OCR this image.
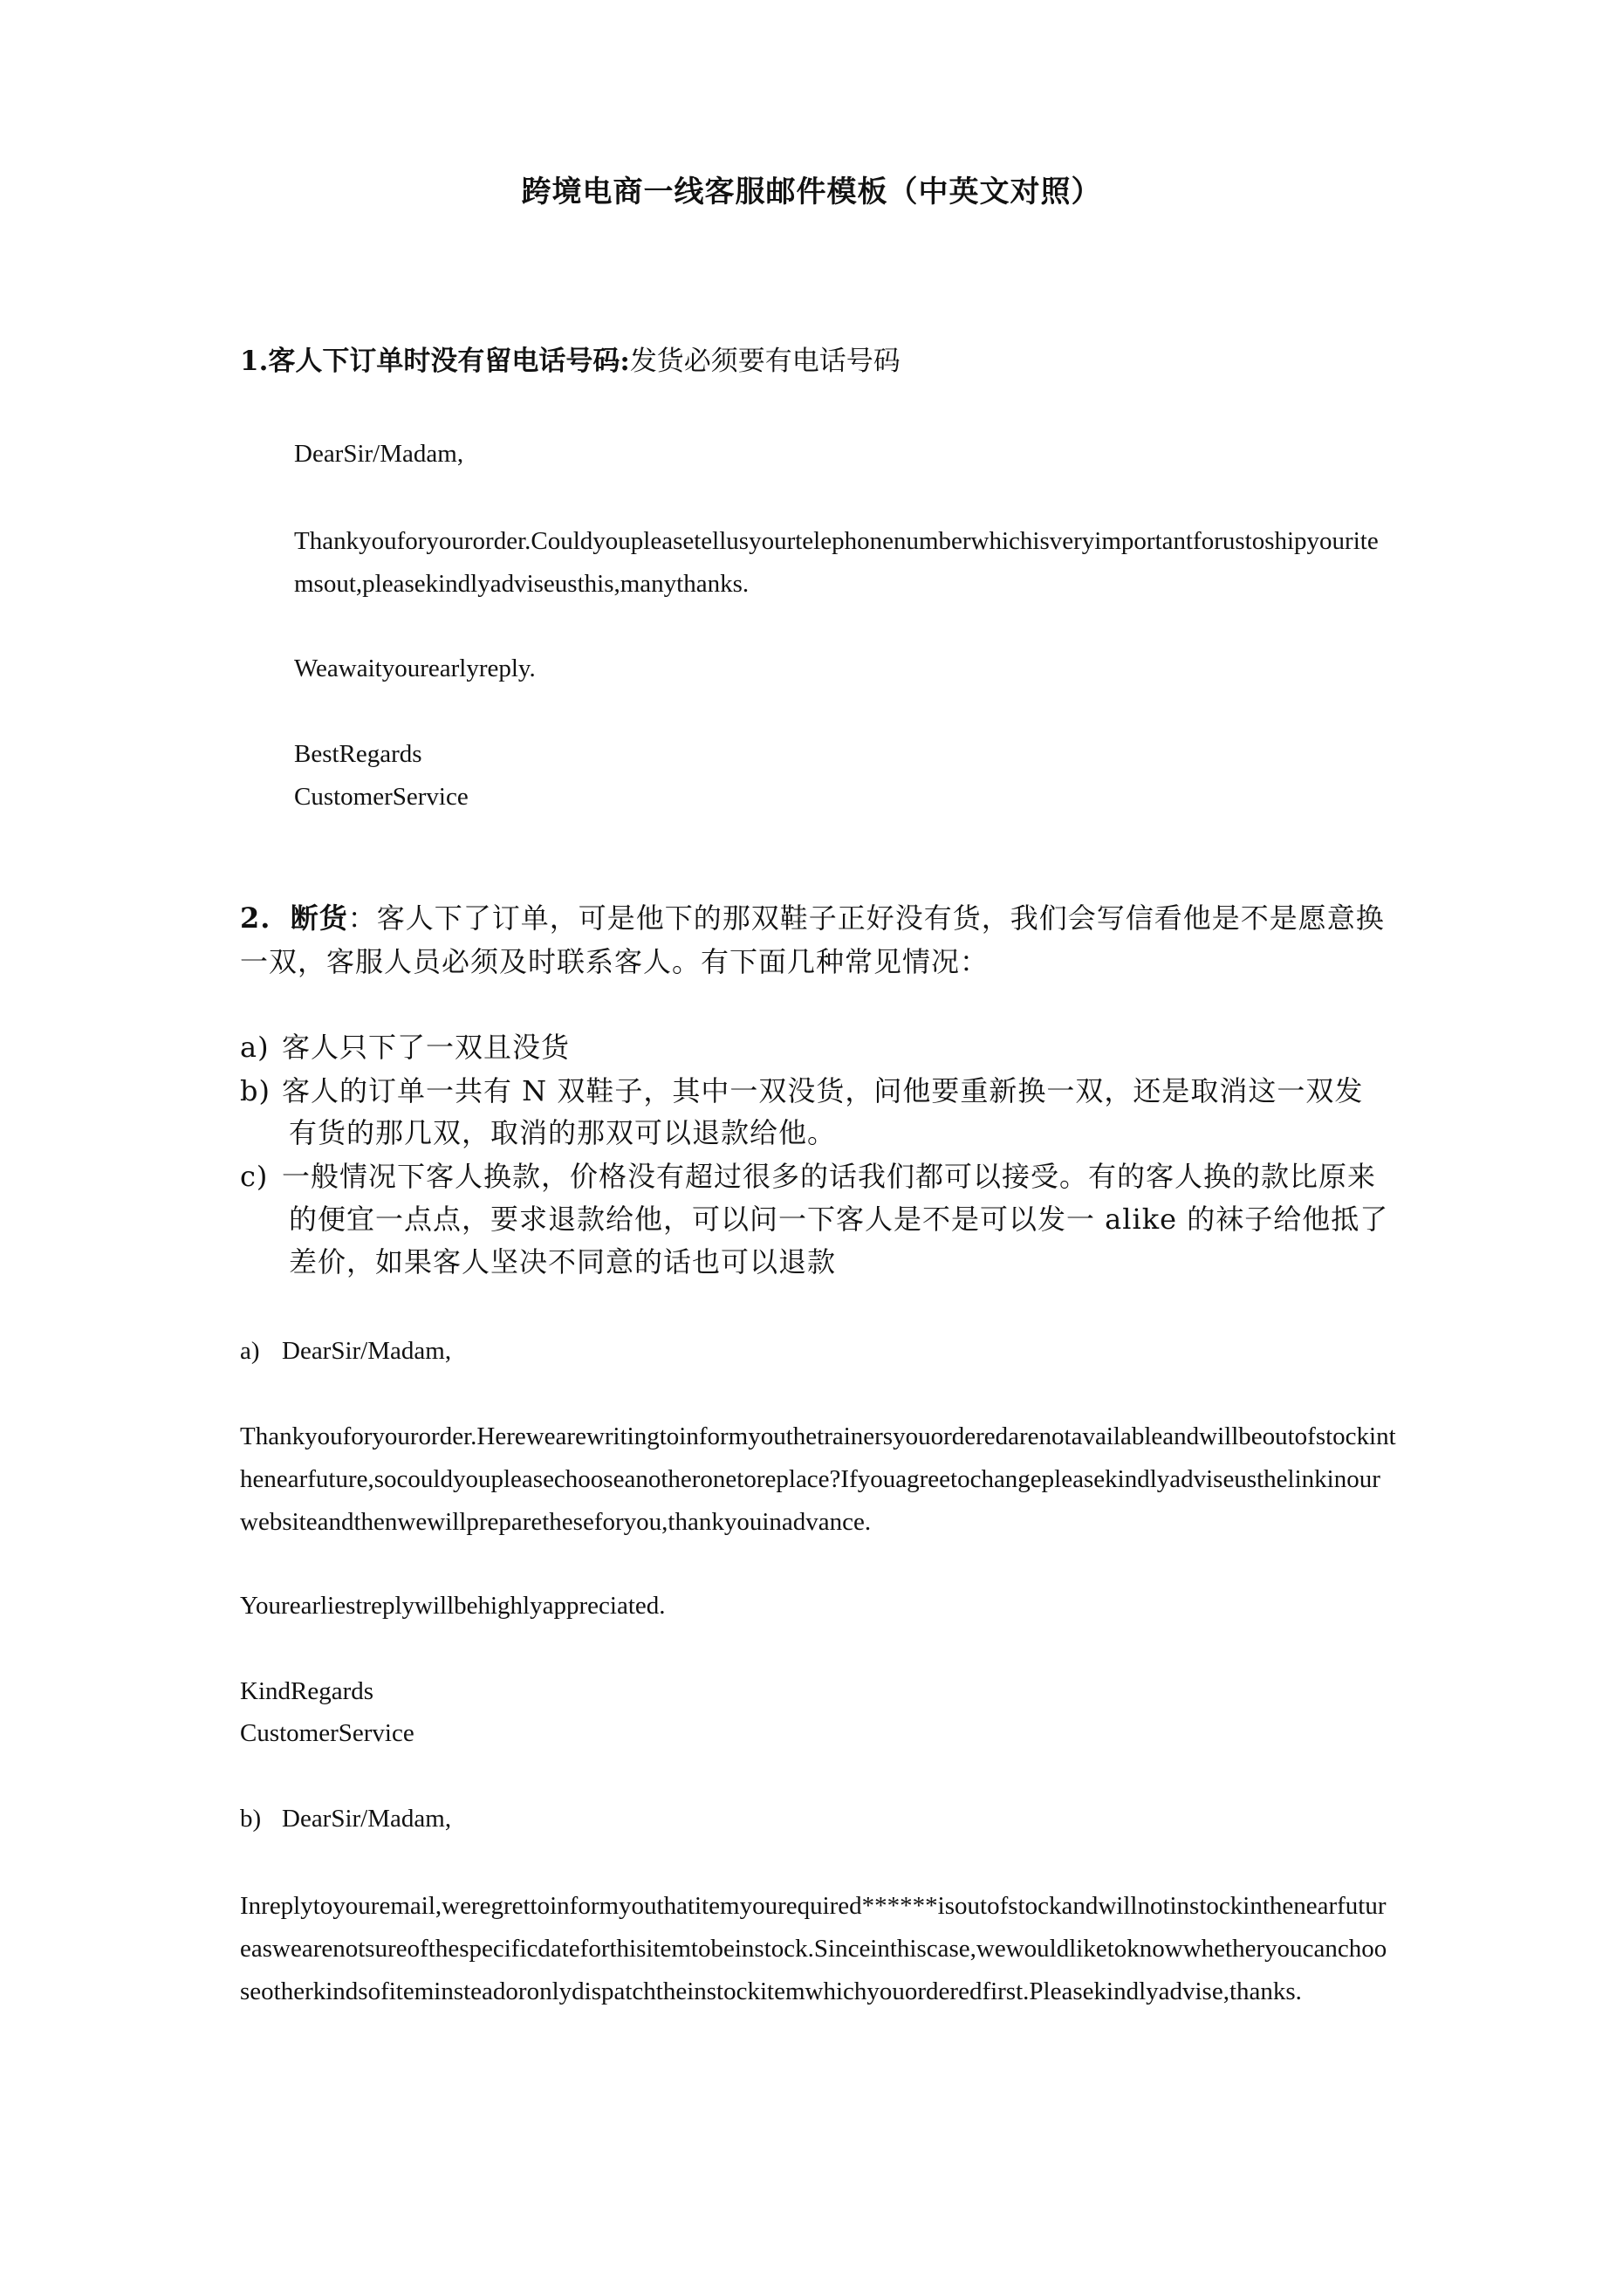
跨境电商一线客服邮件模板（中英文对照）
1.客人下订单时没有留电话号码:发货必须要有电话号码
DearSir/Madam,
Thankyouforyourorder.Couldyoupleasetellusyourtelephonenumberwhichisveryimportantforustoshipyouritemsout,pleasekindlyadviseusthis,manythanks.
Weawaityourearlyreply.
BestRegards
CustomerService
2. 断货：客人下了订单，可是他下的那双鞋子正好没有货，我们会写信看他是不是愿意换
一双，客服人员必须及时联系客人。有下面几种常见情况：
a) 客人只下了一双且没货
b) 客人的订单一共有 N 双鞋子，其中一双没货，问他要重新换一双，还是取消这一双发
有货的那几双，取消的那双可以退款给他。
c) 一般情况下客人换款，价格没有超过很多的话我们都可以接受。有的客人换的款比原来
的便宜一点点，要求退款给他，可以问一下客人是不是可以发一 alike 的袜子给他抵了
差价，如果客人坚决不同意的话也可以退款
a) DearSir/Madam,
Thankyouforyourorder.Herewearewritingtoinformyouthetrainersyouorderedarenotavailableandwillbeoutofstockinthenearfuture,socouldyoupleasechooseanotheronetoreplace?Ifyouagreetochangepleasekindlyadviseusthelinkinourwebsiteandthenwewillpreparetheseforyou,thankyouinadvance.
Yourearliestreplywillbehighlyappreciated.
KindRegards
CustomerService
b) DearSir/Madam,
Inreplytoyouremail,weregrettoinformyouthatitemyourequired******isoutofstockandwillnotinstockinthenearfutureaswearenotsureofthespecificdateforthisitemtobeinstock.Sinceinthiscase,wewouldliketoknowwhetheryoucanchooseotherkindsofiteminsteadoronlydispatchtheinstockitemwhichyouorderedfirst.Pleasekindlyadvise,thanks.
